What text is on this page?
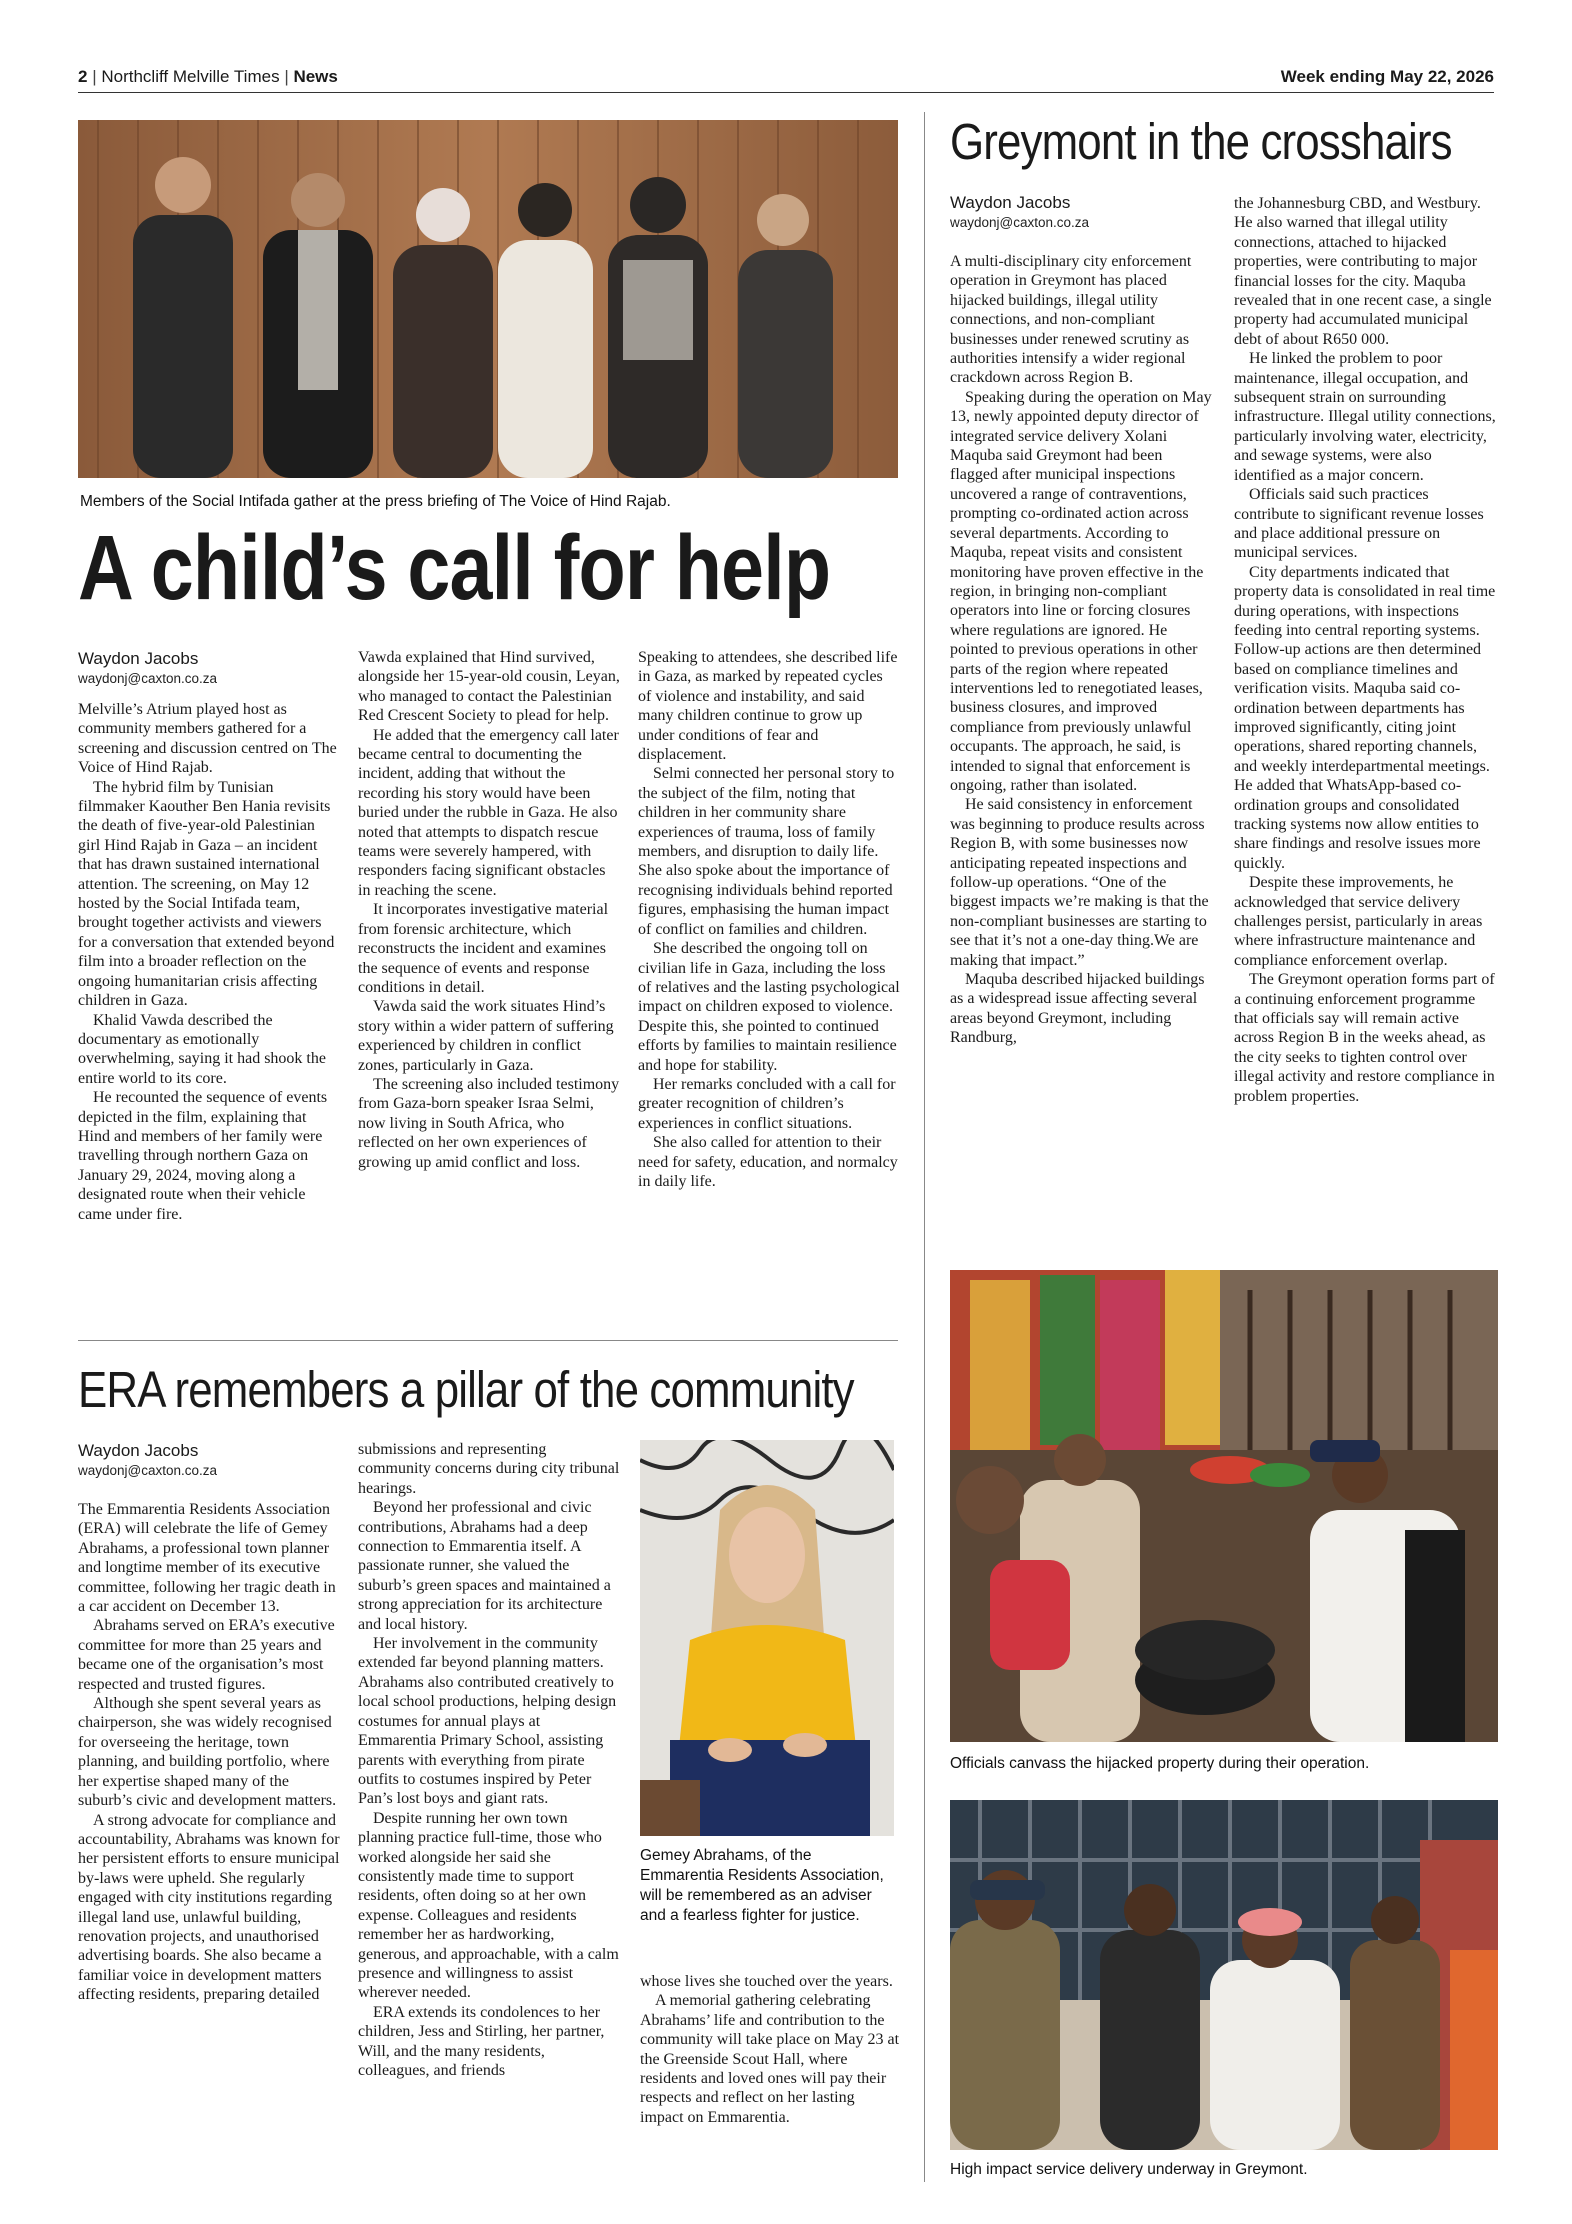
2 | Northcliff Melville Times | News	Week ending May 22, 2026
Members of the Social Intifada gather at the press briefing of The Voice of Hind Rajab.
A child’s call for help
Waydon Jacobs
waydonj@caxton.co.za

Melville’s Atrium played host as community members gathered for a screening and discussion centred on The Voice of Hind Rajab.

The hybrid film by Tunisian filmmaker Kaouther Ben Hania revisits the death of five-year-old Palestinian girl Hind Rajab in Gaza – an incident that has drawn sustained international attention. The screening, on May 12 hosted by the Social Intifada team, brought together activists and viewers for a conversation that extended beyond film into a broader reflection on the ongoing humanitarian crisis affecting children in Gaza.

Khalid Vawda described the documentary as emotionally overwhelming, saying it had shook the entire world to its core.

He recounted the sequence of events depicted in the film, explaining that Hind and members of her family were travelling through northern Gaza on January 29, 2024, moving along a designated route when their vehicle came under fire.

Vawda explained that Hind survived, alongside her 15-year-old cousin, Leyan, who managed to contact the Palestinian Red Crescent Society to plead for help.

He added that the emergency call later became central to documenting the incident, adding that without the recording his story would have been buried under the rubble in Gaza. He also noted that attempts to dispatch rescue teams were severely hampered, with responders facing significant obstacles in reaching the scene.

It incorporates investigative material from forensic architecture, which reconstructs the incident and examines the sequence of events and response conditions in detail.

Vawda said the work situates Hind’s story within a wider pattern of suffering experienced by children in conflict zones, particularly in Gaza.

The screening also included testimony from Gaza-born speaker Israa Selmi, now living in South Africa, who reflected on her own experiences of growing up amid conflict and loss.

Speaking to attendees, she described life in Gaza, as marked by repeated cycles of violence and instability, and said many children continue to grow up under conditions of fear and displacement.

Selmi connected her personal story to the subject of the film, noting that children in her community share experiences of trauma, loss of family members, and disruption to daily life. She also spoke about the importance of recognising individuals behind reported figures, emphasising the human impact of conflict on families and children.

She described the ongoing toll on civilian life in Gaza, including the loss of relatives and the lasting psychological impact on children exposed to violence. Despite this, she pointed to continued efforts by families to maintain resilience and hope for stability.

Her remarks concluded with a call for greater recognition of children’s experiences in conflict situations.

She also called for attention to their need for safety, education, and normalcy in daily life.

Greymont in the crosshairs
Waydon Jacobs
waydonj@caxton.co.za

A multi-disciplinary city enforcement operation in Greymont has placed hijacked buildings, illegal utility connections, and non-compliant businesses under renewed scrutiny as authorities intensify a wider regional crackdown across Region B.

Speaking during the operation on May 13, newly appointed deputy director of integrated service delivery Xolani Maquba said Greymont had been flagged after municipal inspections uncovered a range of contraventions, prompting co-ordinated action across several departments. According to Maquba, repeat visits and consistent monitoring have proven effective in the region, in bringing non-compliant operators into line or forcing closures where regulations are ignored. He pointed to previous operations in other parts of the region where repeated interventions led to renegotiated leases, business closures, and improved compliance from previously unlawful occupants. The approach, he said, is intended to signal that enforcement is ongoing, rather than isolated.

He said consistency in enforcement was beginning to produce results across Region B, with some businesses now anticipating repeated inspections and follow-up operations. “One of the biggest impacts we’re making is that the non-compliant businesses are starting to see that it’s not a one-day thing.We are making that impact.”

Maquba described hijacked buildings as a widespread issue affecting several areas beyond Greymont, including Randburg,

the Johannesburg CBD, and Westbury. He also warned that illegal utility connections, attached to hijacked properties, were contributing to major financial losses for the city. Maquba revealed that in one recent case, a single property had accumulated municipal debt of about R650 000.

He linked the problem to poor maintenance, illegal occupation, and subsequent strain on surrounding infrastructure. Illegal utility connections, particularly involving water, electricity, and sewage systems, were also identified as a major concern.

Officials said such practices contribute to significant revenue losses and place additional pressure on municipal services.

City departments indicated that property data is consolidated in real time during operations, with inspections feeding into central reporting systems. Follow-up actions are then determined based on compliance timelines and verification visits. Maquba said co-ordination between departments has improved significantly, citing joint operations, shared reporting channels, and weekly interdepartmental meetings. He added that WhatsApp-based co-ordination groups and consolidated tracking systems now allow entities to share findings and resolve issues more quickly.

Despite these improvements, he acknowledged that service delivery challenges persist, particularly in areas where infrastructure maintenance and compliance enforcement overlap.

The Greymont operation forms part of a continuing enforcement programme that officials say will remain active across Region B in the weeks ahead, as the city seeks to tighten control over illegal activity and restore compliance in problem properties.

Officials canvass the hijacked property during their operation.
High impact service delivery underway in Greymont.
ERA remembers a pillar of the community
Waydon Jacobs
waydonj@caxton.co.za

The Emmarentia Residents Association (ERA) will celebrate the life of Gemey Abrahams, a professional town planner and longtime member of its executive committee, following her tragic death in a car accident on December 13.

Abrahams served on ERA’s executive committee for more than 25 years and became one of the organisation’s most respected and trusted figures.

Although she spent several years as chairperson, she was widely recognised for overseeing the heritage, town planning, and building portfolio, where her expertise shaped many of the suburb’s civic and development matters.

A strong advocate for compliance and accountability, Abrahams was known for her persistent efforts to ensure municipal by-laws were upheld. She regularly engaged with city institutions regarding illegal land use, unlawful building, renovation projects, and unauthorised advertising boards. She also became a familiar voice in development matters affecting residents, preparing detailed

submissions and representing community concerns during city tribunal hearings.

Beyond her professional and civic contributions, Abrahams had a deep connection to Emmarentia itself. A passionate runner, she valued the suburb’s green spaces and maintained a strong appreciation for its architecture and local history.

Her involvement in the community extended far beyond planning matters. Abrahams also contributed creatively to local school productions, helping design costumes for annual plays at Emmarentia Primary School, assisting parents with everything from pirate outfits to costumes inspired by Peter Pan’s lost boys and giant rats.

Despite running her own town planning practice full-time, those who worked alongside her said she consistently made time to support residents, often doing so at her own expense. Colleagues and residents remember her as hardworking, generous, and approachable, with a calm presence and willingness to assist wherever needed.

ERA extends its condolences to her children, Jess and Stirling, her partner, Will, and the many residents, colleagues, and friends

Gemey Abrahams, of the Emmarentia Residents Association, will be remembered as an adviser and a fearless fighter for justice.

whose lives she touched over the years.

A memorial gathering celebrating Abrahams’ life and contribution to the community will take place on May 23 at the Greenside Scout Hall, where residents and loved ones will pay their respects and reflect on her lasting impact on Emmarentia.
